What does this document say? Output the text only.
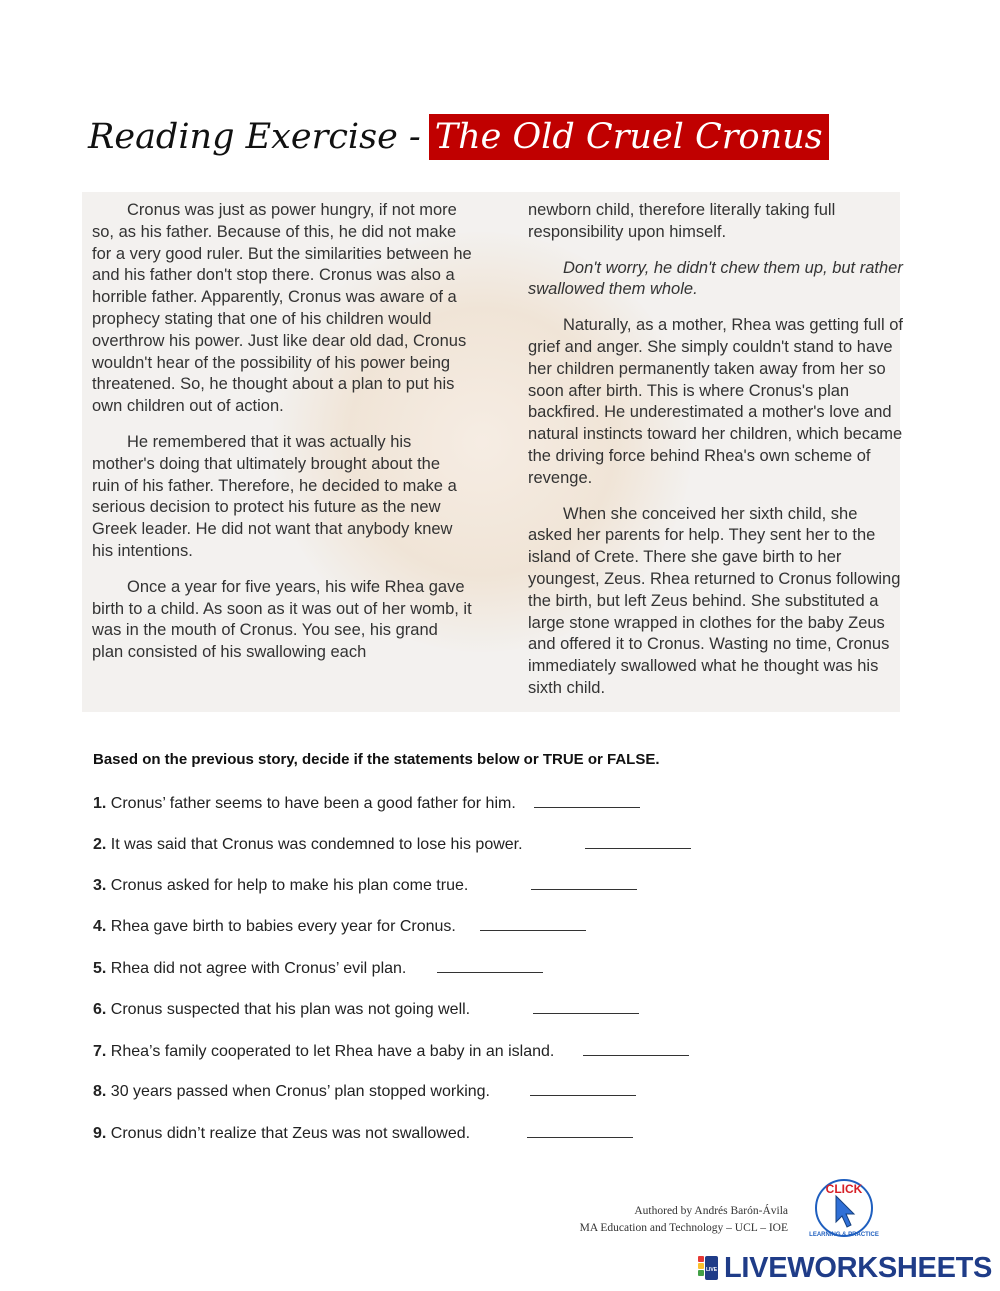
Reading Exercise - The Old Cruel Cronus

Cronus was just as power hungry, if not more so, as his father. Because of this, he did not make for a very good ruler. But the similarities between he and his father don't stop there. Cronus was also a horrible father. Apparently, Cronus was aware of a prophecy stating that one of his children would overthrow his power. Just like dear old dad, Cronus wouldn't hear of the possibility of his power being threatened. So, he thought about a plan to put his own children out of action.

He remembered that it was actually his mother's doing that ultimately brought about the ruin of his father. Therefore, he decided to make a serious decision to protect his future as the new Greek leader. He did not want that anybody knew his intentions.

Once a year for five years, his wife Rhea gave birth to a child. As soon as it was out of her womb, it was in the mouth of Cronus. You see, his grand plan consisted of his swallowing each

newborn child, therefore literally taking full responsibility upon himself.

Don't worry, he didn't chew them up, but rather swallowed them whole.

Naturally, as a mother, Rhea was getting full of grief and anger. She simply couldn't stand to have her children permanently taken away from her so soon after birth. This is where Cronus's plan backfired. He underestimated a mother's love and natural instincts toward her children, which became the driving force behind Rhea's own scheme of revenge.

When she conceived her sixth child, she asked her parents for help. They sent her to the island of Crete. There she gave birth to her youngest, Zeus. Rhea returned to Cronus following the birth, but left Zeus behind. She substituted a large stone wrapped in clothes for the baby Zeus and offered it to Cronus. Wasting no time, Cronus immediately swallowed what he thought was his sixth child.

Based on the previous story, decide if the statements below or TRUE or FALSE.
1. Cronus’ father seems to have been a good father for him.
2. It was said that Cronus was condemned to lose his power.
3. Cronus asked for help to make his plan come true.
4. Rhea gave birth to babies every year for Cronus.
5. Rhea did not agree with Cronus’ evil plan.
6. Cronus suspected that his plan was not going well.
7. Rhea’s family cooperated to let Rhea have a baby in an island.
8. 30 years passed when Cronus’ plan stopped working.
9. Cronus didn’t realize that Zeus was not swallowed.
Authored by Andrés Barón-Ávila
MA Education and Technology – UCL – IOE
CLICK
LEARNING & PRACTICE
LIVE LIVEWORKSHEETS
